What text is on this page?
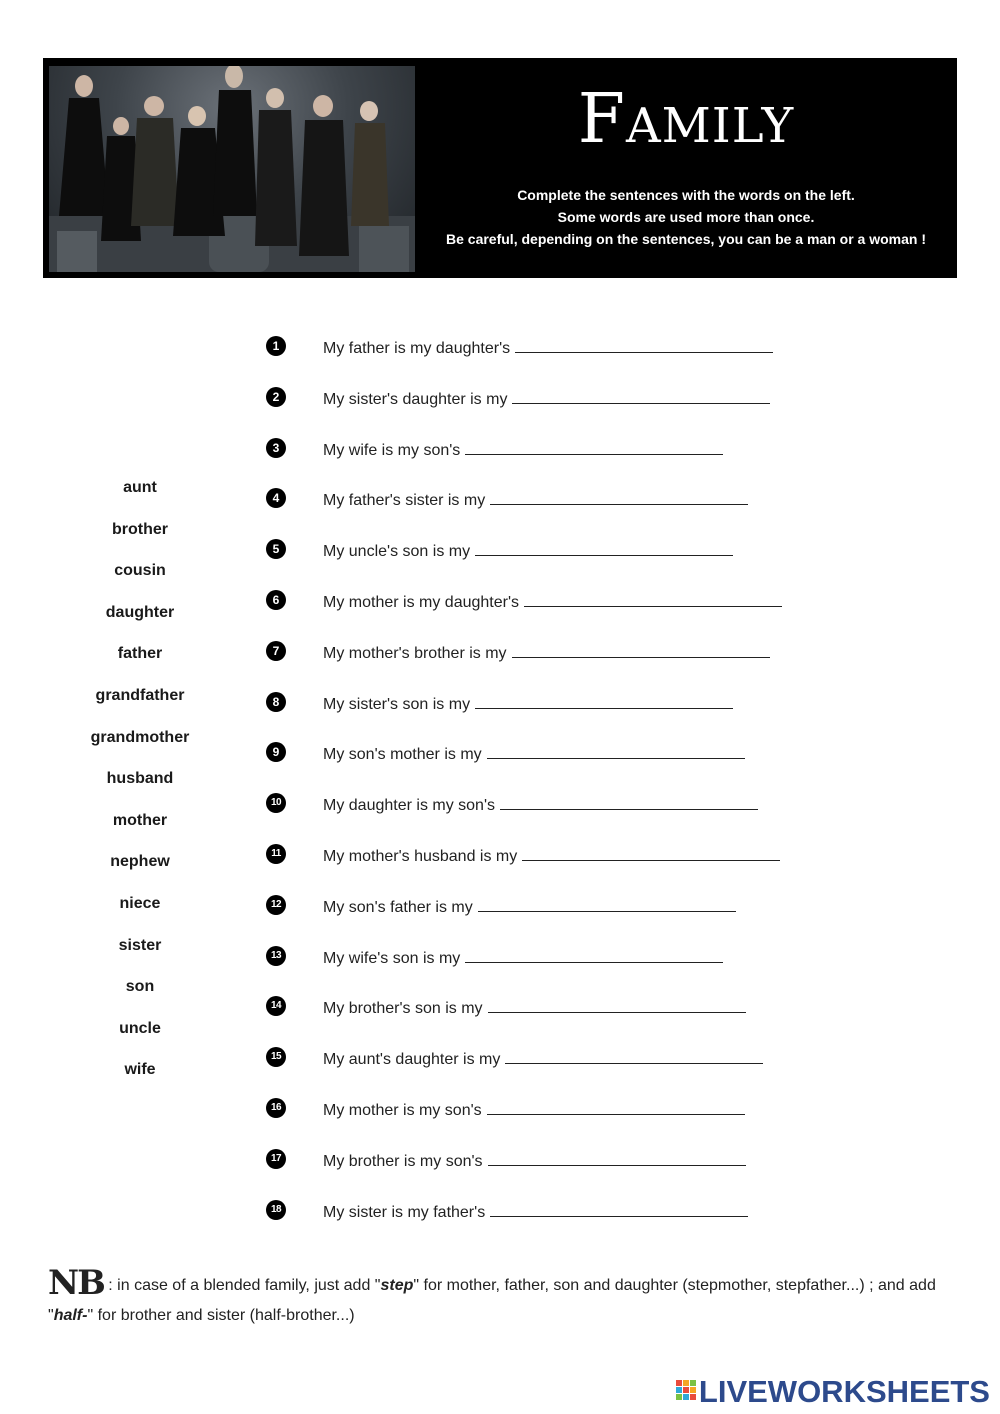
Family
Complete the sentences with the words on the left.
Some words are used more than once.
Be careful, depending on the sentences, you can be a man or a woman !
aunt
brother
cousin
daughter
father
grandfather
grandmother
husband
mother
nephew
niece
sister
son
uncle
wife
1	My father is my daughter's
2	My sister's daughter is my
3	My wife is my son's
4	My father's sister is my
5	My uncle's son is my
6	My mother is my daughter's
7	My mother's brother is my
8	My sister's son is my
9	My son's mother is my
10	My daughter is my son's
11	My mother's husband is my
12	My son's father is my
13	My wife's son is my
14	My brother's son is my
15	My aunt's daughter is my
16	My mother is my son's
17	My brother is my son's
18	My sister is my father's
NB : in case of a blended family, just add "step" for mother, father, son and daughter (stepmother, stepfather...) ; and add "half-" for brother and sister (half-brother...)
LIVEWORKSHEETS
